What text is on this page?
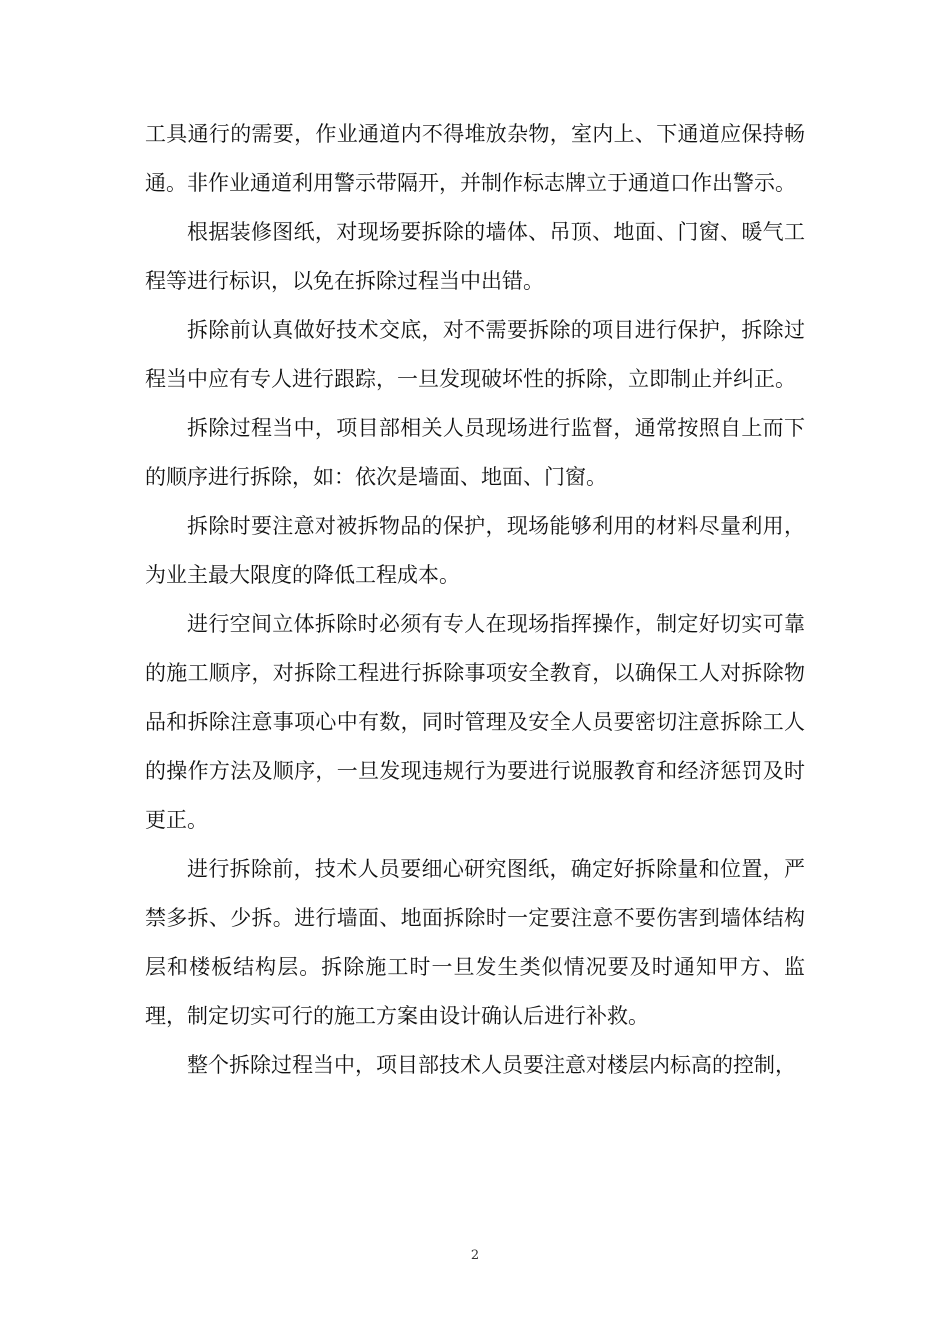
工具通行的需要，作业通道内不得堆放杂物，室内上、下通道应保持畅通。非作业通道利用警示带隔开，并制作标志牌立于通道口作出警示。

根据装修图纸，对现场要拆除的墙体、吊顶、地面、门窗、暖气工程等进行标识，以免在拆除过程当中出错。

拆除前认真做好技术交底，对不需要拆除的项目进行保护，拆除过程当中应有专人进行跟踪，一旦发现破坏性的拆除，立即制止并纠正。

拆除过程当中，项目部相关人员现场进行监督，通常按照自上而下的顺序进行拆除，如：依次是墙面、地面、门窗。

拆除时要注意对被拆物品的保护，现场能够利用的材料尽量利用，为业主最大限度的降低工程成本。

进行空间立体拆除时必须有专人在现场指挥操作，制定好切实可靠的施工顺序，对拆除工程进行拆除事项安全教育，以确保工人对拆除物品和拆除注意事项心中有数，同时管理及安全人员要密切注意拆除工人的操作方法及顺序，一旦发现违规行为要进行说服教育和经济惩罚及时更正。

进行拆除前，技术人员要细心研究图纸，确定好拆除量和位置，严禁多拆、少拆。进行墙面、地面拆除时一定要注意不要伤害到墙体结构层和楼板结构层。拆除施工时一旦发生类似情况要及时通知甲方、监理，制定切实可行的施工方案由设计确认后进行补救。

整个拆除过程当中，项目部技术人员要注意对楼层内标高的控制，

2
